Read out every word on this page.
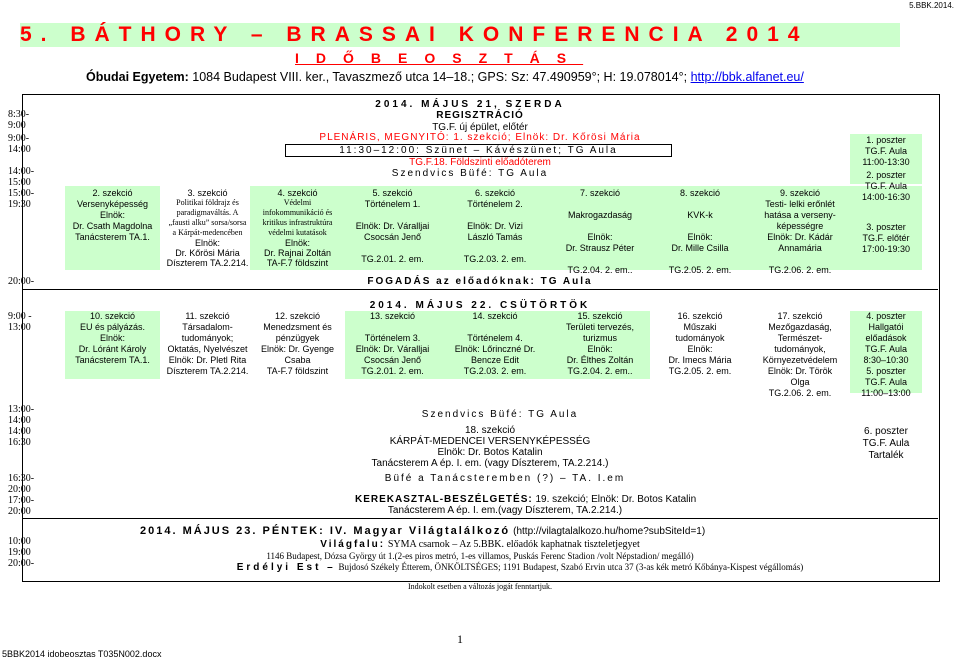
5.BBK.2014.
5. BÁTHORY – BRASSAI KONFERENCIA 2014
IDŐBEOSZTÁS
Óbudai Egyetem: 1084 Budapest VIII. ker., Tavaszmező utca 14–18.; GPS: Sz: 47.490959°; H: 19.078014°; http://bbk.alfanet.eu/
8:30-
9:00
9:00-
14:00
14:00-
15:00
15:00-
19:30
20:00-
2014. MÁJUS 21, SZERDA
REGISZTRÁCIÓ
TG.F. új épület, előtér
PLENÁRIS, MEGNYITÓ: 1. szekció; Elnök: Dr. Kőrösi Mária
11:30–12:00: Szünet – Kávészünet; TG Aula
TG.F.18. Földszinti előadóterem
Szendvics Büfé: TG Aula
2. szekció
Versenyképesség
Elnök:
Dr. Csath Magdolna
Tanácsterem TA.1.
3. szekció
Politikai földrajz és
paradigmaváltás. A
„fausti alku” sorsa/sorsa
a Kárpát-medencében
Elnök:
Dr. Kőrösi Mária
Díszterem TA.2.214.
4. szekció
Védelmi
infokommunikáció és
kritikus infrastruktúra
védelmi kutatások
Elnök:
Dr. Rajnai Zoltán
TA-F.7 földszint
5. szekció
Történelem 1.
Elnök: Dr. Váralljai
Csocsán Jenő
TG.2.01. 2. em.
6. szekció
Történelem 2.
Elnök: Dr. Vizi
László Tamás
TG.2.03. 2. em.
7. szekció
Makrogazdaság
Elnök:
Dr. Strausz Péter
TG.2.04. 2. em..
8. szekció
KVK-k
Elnök:
Dr. Mille Csilla
TG.2.05. 2. em.
9. szekció
Testi- lelki erőnlét
hatása a verseny-
képességre
Elnök: Dr. Kádár
Annamária
TG.2.06. 2. em.
1. poszter
TG.F. Aula
11:00-13:30
2. poszter
TG.F. Aula
14:00-16:30
3. poszter
TG.F. előtér
17:00-19:30
FOGADÁS az előadóknak: TG Aula
2014. MÁJUS 22. CSÜTÖRTÖK
9:00 -
13:00
13:00-
14:00
14:00
16:30
16:30-
20:00
17:00-
20:00
10. szekció
EU és pályázás.
Elnök:
Dr. Lóránt Károly
Tanácsterem TA.1.
11. szekció
Társadalom-
tudományok;
Oktatás, Nyelvészet
Elnök: Dr. Pletl Rita
Díszterem TA.2.214.
12. szekció
Menedzsment és
pénzügyek
Elnök: Dr. Gyenge
Csaba
TA-F.7 földszint
13. szekció
Történelem 3.
Elnök: Dr. Váralljai
Csocsán Jenő
TG.2.01. 2. em.
14. szekció
Történelem 4.
Elnök: Lőrinczné Dr.
Bencze Edit
TG.2.03. 2. em.
15. szekció
Területi tervezés,
turizmus
Elnök:
Dr. Élthes Zoltán
TG.2.04. 2. em..
16. szekció
Műszaki
tudományok
Elnök:
Dr. Imecs Mária
TG.2.05. 2. em.
17. szekció
Mezőgazdaság,
Természet-
tudományok,
Környezetvédelem
Elnök: Dr. Török
Olga
TG.2.06. 2. em.
4. poszter
Hallgatói előadások
TG.F. Aula
8:30–10:30
5. poszter
TG.F. Aula
11:00–13:00
6. poszter
TG.F. Aula
Tartalék
Szendvics Büfé: TG Aula
18. szekció
KÁRPÁT-MEDENCEI VERSENYKÉPESSÉG
Elnök: Dr. Botos Katalin
Tanácsterem A ép. I. em. (vagy Díszterem, TA.2.214.)
Büfé a Tanácsteremben (?) – TA. I.em
KEREKASZTAL-BESZÉLGETÉS: 19. szekció; Elnök: Dr. Botos Katalin
Tanácsterem A ép. I. em.(vagy Díszterem, TA.2.214.)
10:00
19:00
20:00-
2014. MÁJUS 23. PÉNTEK: IV. Magyar Világtalálkozó (http://vilagtalalkozo.hu/home?subSiteId=1)
Világfalu: SYMA csarnok – Az 5.BBK. előadók kaphatnak tiszteletjegyet
1146 Budapest, Dózsa György út 1.(2-es piros metró, 1-es villamos, Puskás Ferenc Stadion /volt Népstadion/ megálló)
Erdélyi Est – Bujdosó Székely Étterem, ÖNKÖLTSÉGES; 1191 Budapest, Szabó Ervin utca 37 (3-as kék metró Kőbánya-Kispest végállomás)
Indokolt esetben a változás jogát fenntartjuk.
1
5BBK2014 idobeosztas T035N002.docx
